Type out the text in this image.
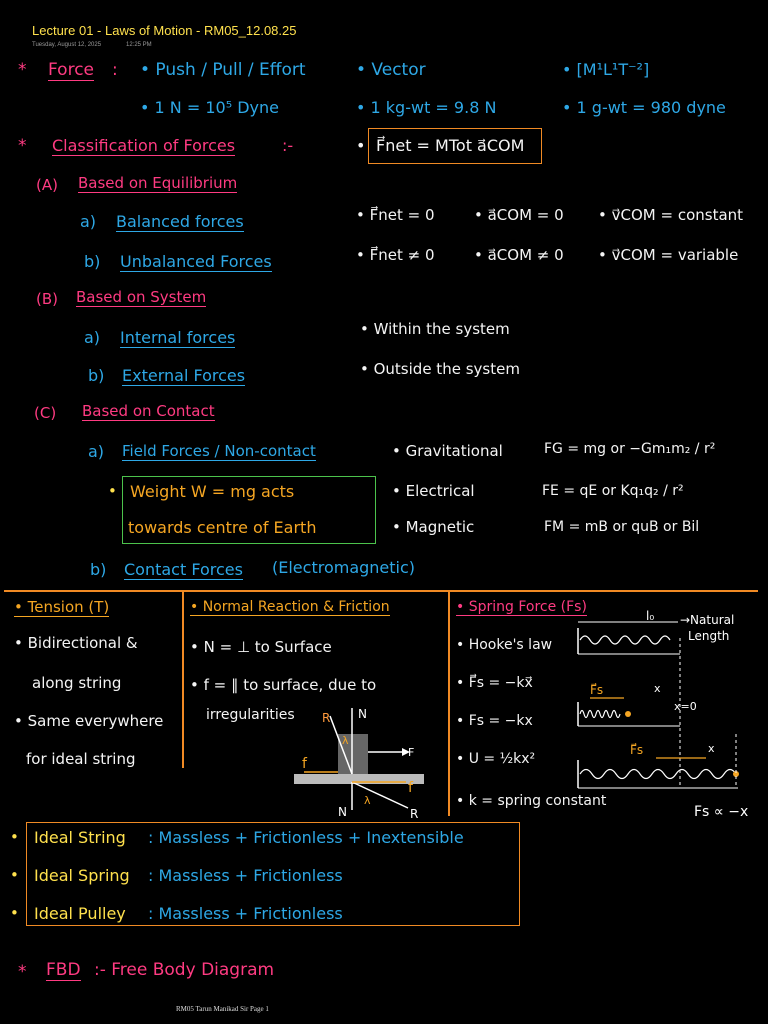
Lecture 01 - Laws of Motion - RM05_12.08.25
Tuesday, August 12, 2025	12:25 PM
* Force : • Push / Pull / Effort	• Vector	• [M¹L¹T⁻²]
• 1 N = 10⁵ Dyne	• 1 kg-wt = 9.8 N	• 1 g-wt = 980 dyne
• F⃗net = MTot a⃗COM
* Classification of Forces	:-
(A) Based on Equilibrium
a) Balanced forces	• F⃗net = 0	• a⃗COM = 0 • v⃗COM = constant
b) Unbalanced Forces	• F⃗net ≠ 0	• a⃗COM ≠ 0 • v⃗COM = variable
(B) Based on System
a) Internal forces	• Within the system
b) External Forces	• Outside the system
(C) Based on Contact
a) Field Forces / Non-contact	• Gravitational	FG = mg or −Gm₁m₂ / r²
• Weight W = mg acts
towards centre of Earth
• Electrical	FE = qE or Kq₁q₂ / r²
• Magnetic	FM = mB or quB or Bil
b) Contact Forces (Electromagnetic)
• Tension (T)
• Bidirectional &
along string
• Same everywhere
for ideal string
• Normal Reaction & Friction
• N = ⊥ to Surface
• f = ∥ to surface, due to
irregularities R N
λ
F
f
f
N
λ
R
• Spring Force (Fs)
• Hooke's law
• F⃗s = −kx⃗
• Fs = −kx
• U = ½kx²
• k = spring constant
l₀ →Natural
Length
F⃗s	x
x=0
F⃗s	x
Fs ∝ −x
• Ideal String : Massless + Frictionless + Inextensible
• Ideal Spring : Massless + Frictionless
• Ideal Pulley : Massless + Frictionless
* FBD :- Free Body Diagram
RM05 Tarun Manikad Sir Page 1
